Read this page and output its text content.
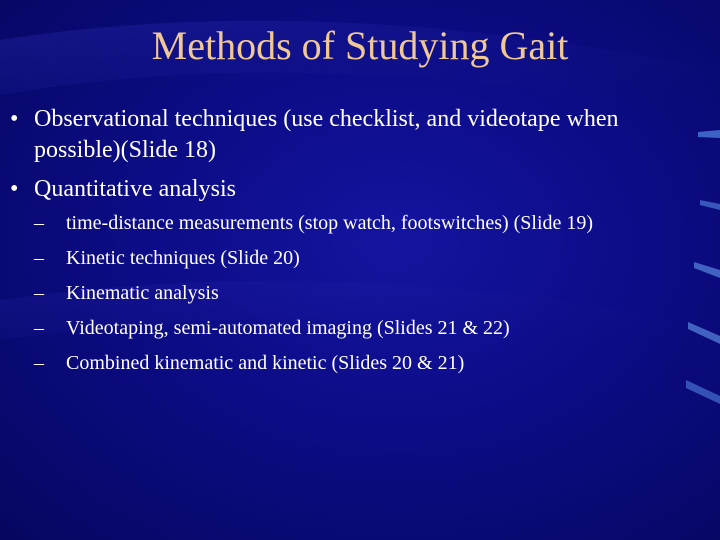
Methods of Studying Gait
• Observational techniques (use checklist, and videotape when possible)(Slide 18)
• Quantitative analysis
– time-distance measurements (stop watch, footswitches) (Slide 19)
– Kinetic techniques (Slide 20)
– Kinematic analysis
– Videotaping, semi-automated imaging (Slides 21 & 22)
– Combined kinematic and kinetic (Slides 20 & 21)
